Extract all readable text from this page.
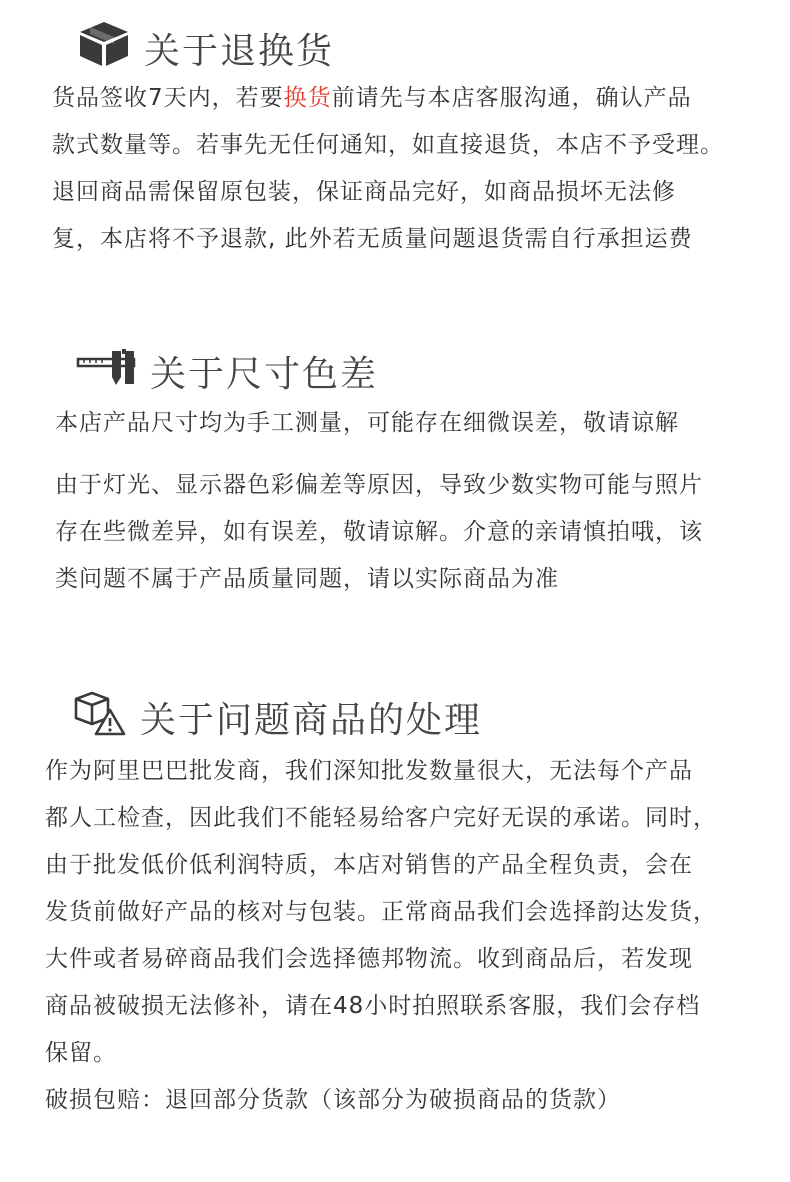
关于退换货
货品签收7天内，若要换货前请先与本店客服沟通，确认产品
款式数量等。若事先无任何通知，如直接退货，本店不予受理。
退回商品需保留原包装，保证商品完好，如商品损坏无法修
复，本店将不予退款, 此外若无质量问题退货需自行承担运费
关于尺寸色差
本店产品尺寸均为手工测量，可能存在细微误差，敬请谅解
由于灯光、显示器色彩偏差等原因，导致少数实物可能与照片
存在些微差异，如有误差，敬请谅解。介意的亲请慎拍哦，该
类问题不属于产品质量同题，请以实际商品为准
关于问题商品的处理
作为阿里巴巴批发商，我们深知批发数量很大，无法每个产品
都人工检查，因此我们不能轻易给客户完好无误的承诺。同时，
由于批发低价低利润特质，本店对销售的产品全程负责，会在
发货前做好产品的核对与包装。正常商品我们会选择韵达发货，
大件或者易碎商品我们会选择德邦物流。收到商品后，若发现
商品被破损无法修补，请在48小时拍照联系客服，我们会存档
保留。
破损包赔：退回部分货款（该部分为破损商品的货款）
